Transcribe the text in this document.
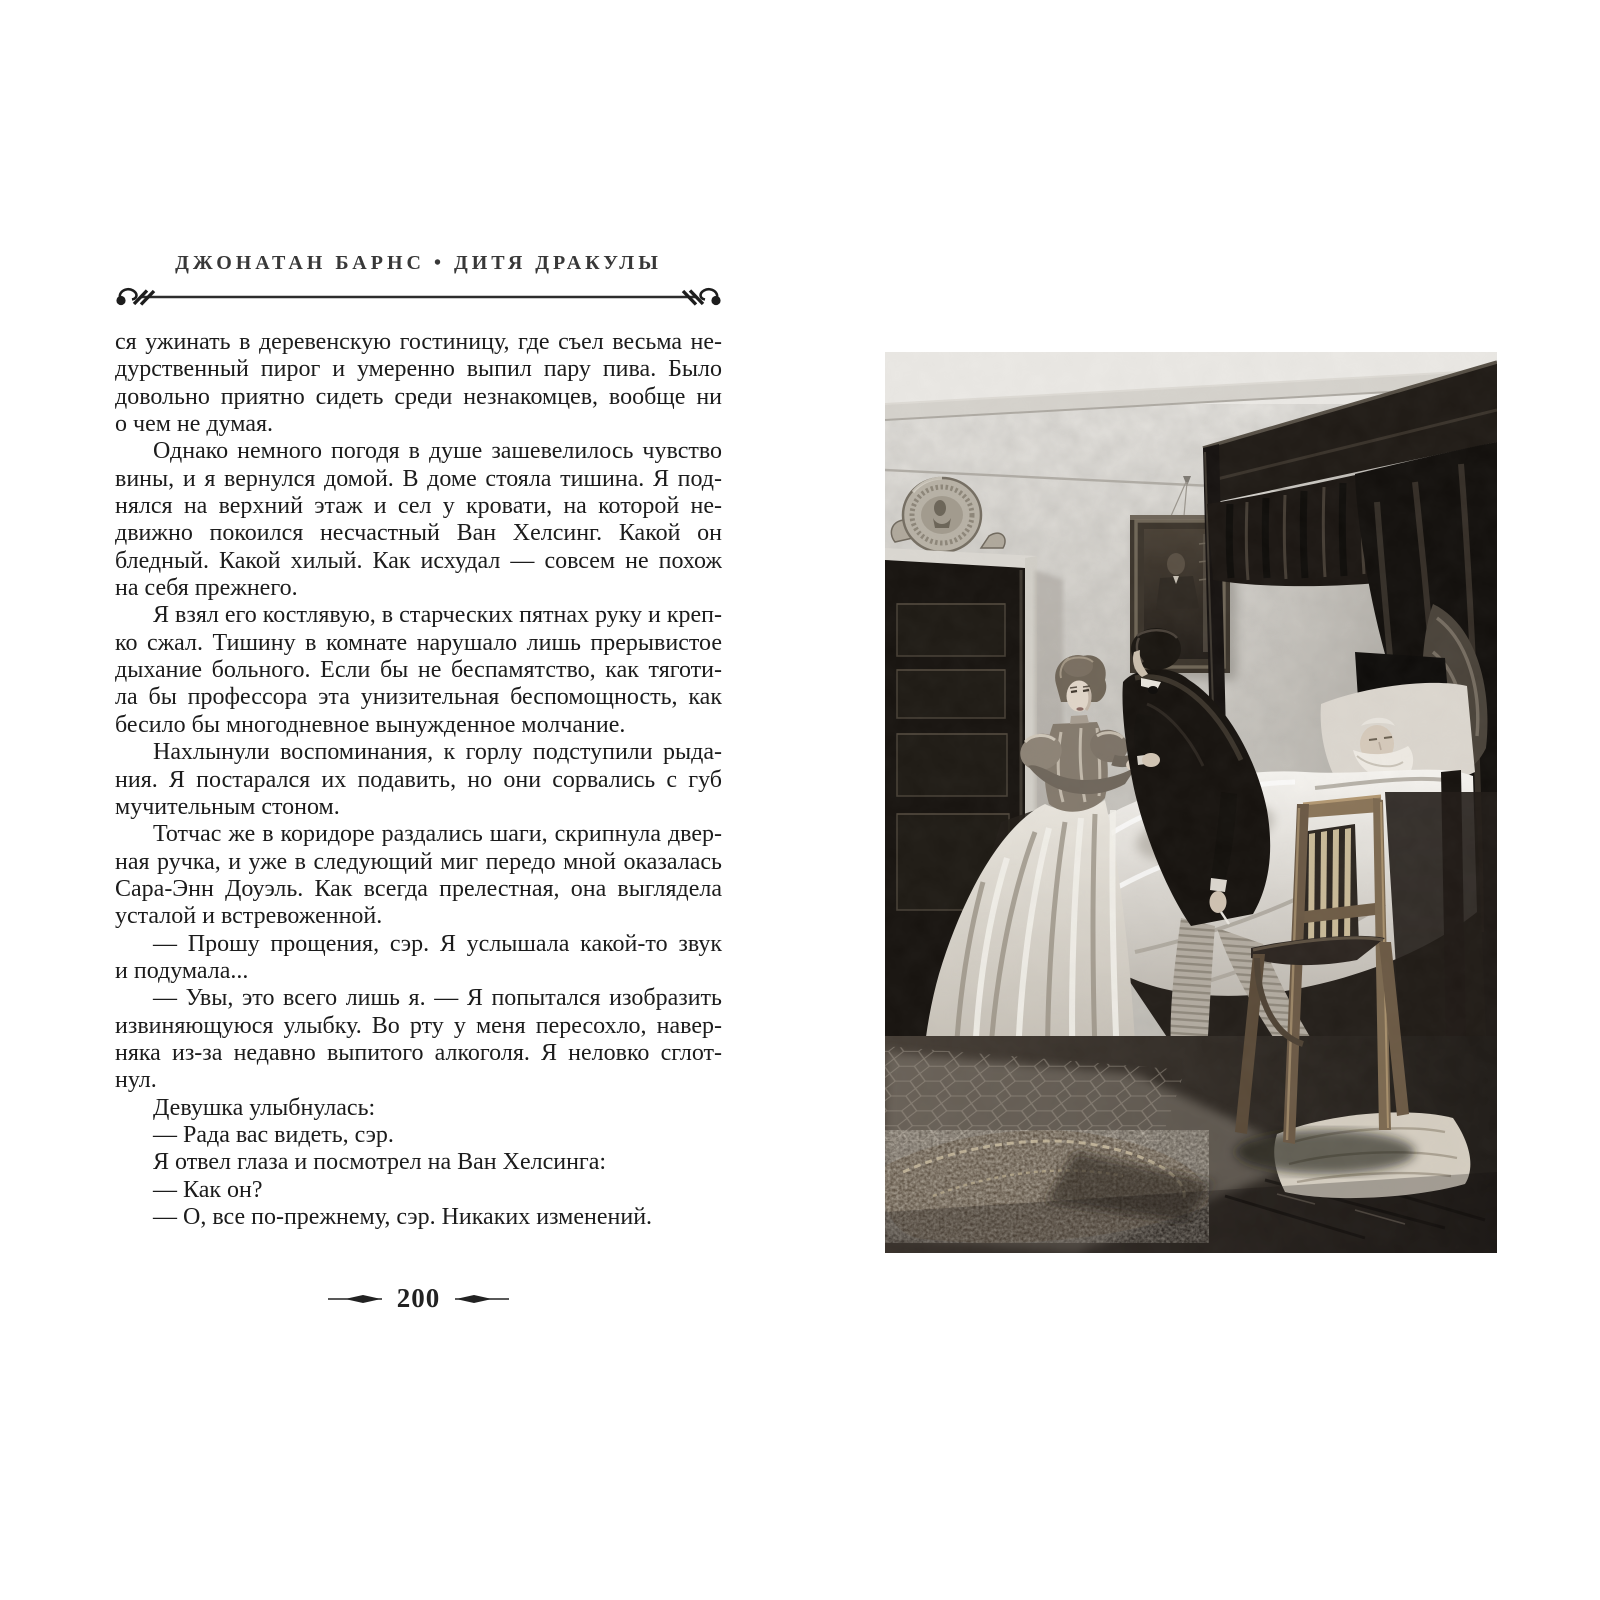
ДЖОНАТАН БАРНС • ДИТЯ ДРАКУЛЫ
ся ужинать в деревенскую гостиницу, где съел весьма не-
дурственный пирог и умеренно выпил пару пива. Было
довольно приятно сидеть среди незнакомцев, вообще ни
о чем не думая.
Однако немного погодя в душе зашевелилось чувство
вины, и я вернулся домой. В доме стояла тишина. Я под-
нялся на верхний этаж и сел у кровати, на которой не-
движно покоился несчастный Ван Хелсинг. Какой он
бледный. Какой хилый. Как исхудал — совсем не похож
на себя прежнего.
Я взял его костлявую, в старческих пятнах руку и креп-
ко сжал. Тишину в комнате нарушало лишь прерывистое
дыхание больного. Если бы не беспамятство, как тяготи-
ла бы профессора эта унизительная беспомощность, как
бесило бы многодневное вынужденное молчание.
Нахлынули воспоминания, к горлу подступили рыда-
ния. Я постарался их подавить, но они сорвались с губ
мучительным стоном.
Тотчас же в коридоре раздались шаги, скрипнула двер-
ная ручка, и уже в следующий миг передо мной оказалась
Сара-Энн Доуэль. Как всегда прелестная, она выглядела
усталой и встревоженной.
— Прошу прощения, сэр. Я услышала какой-то звук
и подумала...
— Увы, это всего лишь я. — Я попытался изобразить
извиняющуюся улыбку. Во рту у меня пересохло, навер-
няка из-за недавно выпитого алкоголя. Я неловко сглот-
нул.
Девушка улыбнулась:
— Рада вас видеть, сэр.
Я отвел глаза и посмотрел на Ван Хелсинга:
— Как он?
— О, все по-прежнему, сэр. Никаких изменений.
200
